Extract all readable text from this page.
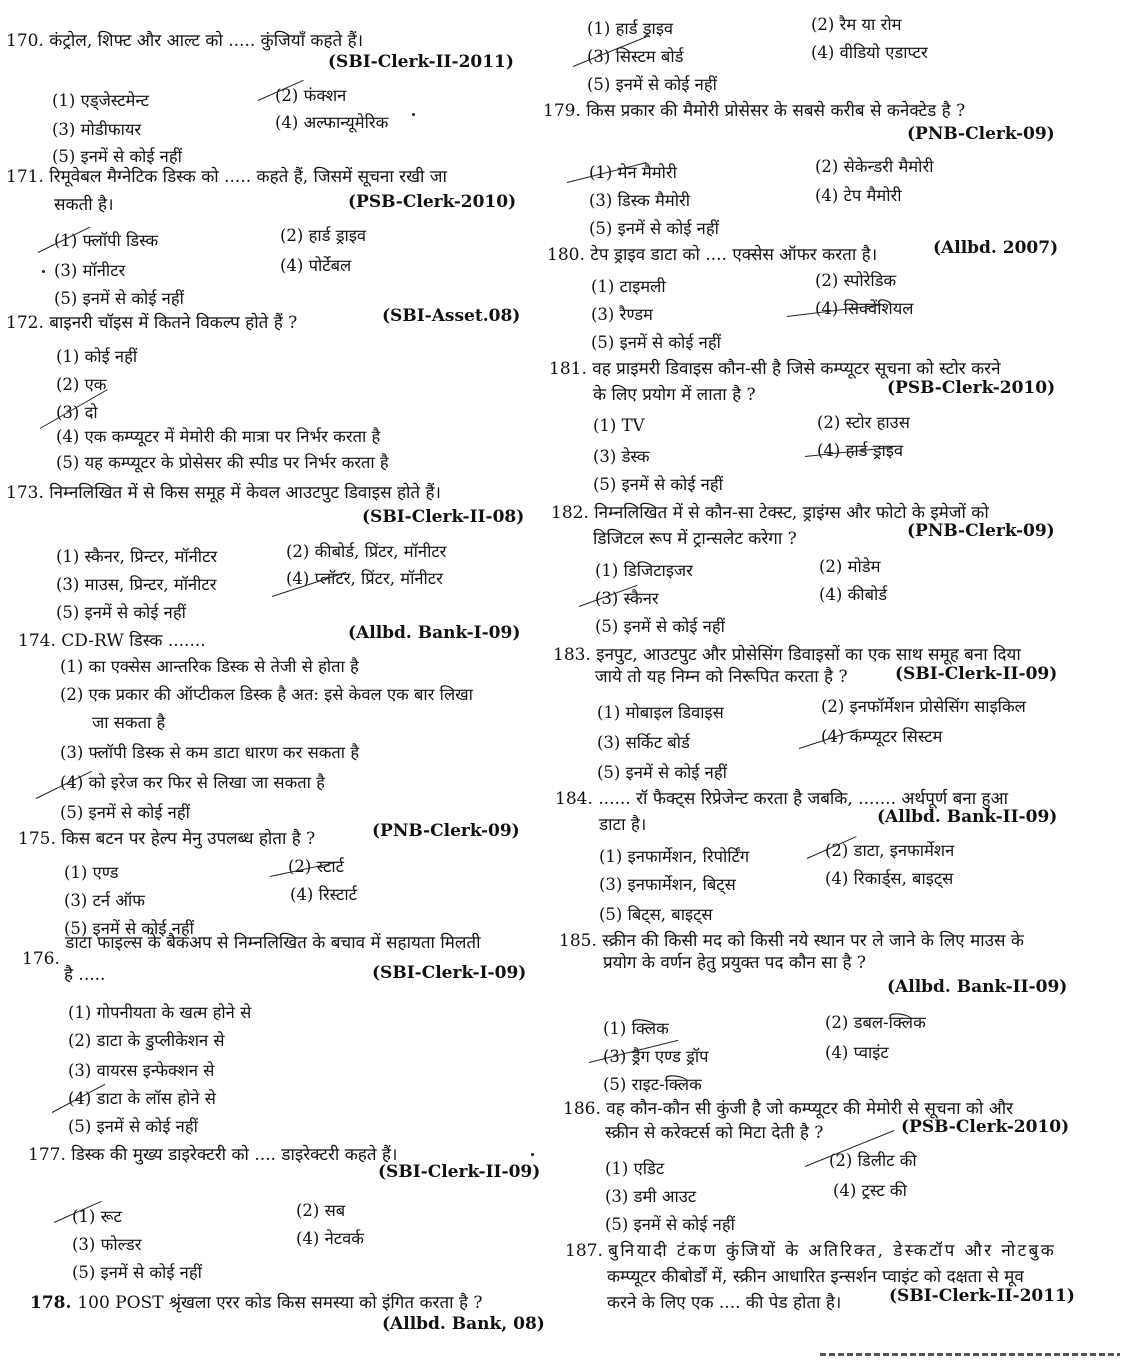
170. कंट्रोल, शिफ्ट और आल्ट को ..... कुंजियाँ कहते हैं।
(SBI-Clerk-II-2011)
(1) एड्जेस्टमेन्ट	(2) फंक्शन
(3) मोडीफायर	(4) अल्फान्यूमेरिक
(5) इनमें से कोई नहीं
171. रिमूवेबल मैग्नेटिक डिस्क को ..... कहते हैं, जिसमें सूचना रखी जा
सकती है।	(PSB-Clerk-2010)
(1) फ्लॉपी डिस्क	(2) हार्ड ड्राइव
(3) मॉनीटर	(4) पोर्टेबल
(5) इनमें से कोई नहीं
172. बाइनरी चॉइस में कितने विकल्प होते हैं ?	(SBI-Asset.08)
(1) कोई नहीं
(2) एक
(3) दो
(4) एक कम्प्यूटर में मेमोरी की मात्रा पर निर्भर करता है
(5) यह कम्प्यूटर के प्रोसेसर की स्पीड पर निर्भर करता है
173. निम्नलिखित में से किस समूह में केवल आउटपुट डिवाइस होते हैं।
(SBI-Clerk-II-08)
(1) स्कैनर, प्रिन्टर, मॉनीटर	(2) कीबोर्ड, प्रिंटर, मॉनीटर
(3) माउस, प्रिन्टर, मॉनीटर	(4) प्लॉटर, प्रिंटर, मॉनीटर
(5) इनमें से कोई नहीं
174. CD-RW डिस्क .......	(Allbd. Bank-I-09)
(1) का एक्सेस आन्तरिक डिस्क से तेजी से होता है
(2) एक प्रकार की ऑप्टीकल डिस्क है अत: इसे केवल एक बार लिखा
जा सकता है
(3) फ्लॉपी डिस्क से कम डाटा धारण कर सकता है
(4) को इरेज कर फिर से लिखा जा सकता है
(5) इनमें से कोई नहीं
175. किस बटन पर हेल्प मेनु उपलब्ध होता है ?	(PNB-Clerk-09)
(1) एण्ड	(2) स्टार्ट
(3) टर्न ऑफ	(4) रिस्टार्ट
(5) इनमें से कोई नहीं
डाटा फाइल्स के बैकअप से निम्नलिखित के बचाव में सहायता मिलती
176.
है .....	(SBI-Clerk-I-09)
(1) गोपनीयता के खत्म होने से
(2) डाटा के डुप्लीकेशन से
(3) वायरस इन्फेक्शन से
(4) डाटा के लॉस होने से
(5) इनमें से कोई नहीं
177. डिस्क की मुख्य डाइरेक्टरी को .... डाइरेक्टरी कहते हैं।
(SBI-Clerk-II-09)
(1) रूट	(2) सब
(3) फोल्डर	(4) नेटवर्क
(5) इनमें से कोई नहीं
178. 100 POST श्रृंखला एरर कोड किस समस्या को इंगित करता है ?
(Allbd. Bank, 08)
(1) हार्ड ड्राइव	(2) रैम या रोम
(3) सिस्टम बोर्ड	(4) वीडियो एडाप्टर
(5) इनमें से कोई नहीं
179. किस प्रकार की मैमोरी प्रोसेसर के सबसे करीब से कनेक्टेड है ?
(PNB-Clerk-09)
(1) मेन मैमोरी	(2) सेकेन्डरी मैमोरी
(3) डिस्क मैमोरी	(4) टेप मैमोरी
(5) इनमें से कोई नहीं
180. टेप ड्राइव डाटा को .... एक्सेस ऑफर करता है।	(Allbd. 2007)
(1) टाइमली	(2) स्पोरेडिक
(3) रैण्डम	(4) सिक्वेंशियल
(5) इनमें से कोई नहीं
181. वह प्राइमरी डिवाइस कौन-सी है जिसे कम्प्यूटर सूचना को स्टोर करने
के लिए प्रयोग में लाता है ?	(PSB-Clerk-2010)
(1) TV	(2) स्टोर हाउस
(3) डेस्क	(4) हार्ड ड्राइव
(5) इनमें से कोई नहीं
182. निम्नलिखित में से कौन-सा टेक्स्ट, ड्राइंग्स और फोटो के इमेजों को
डिजिटल रूप में ट्रान्सलेट करेगा ?	(PNB-Clerk-09)
(1) डिजिटाइजर	(2) मोडेम
(3) स्कैनर	(4) कीबोर्ड
(5) इनमें से कोई नहीं
183. इनपुट, आउटपुट और प्रोसेसिंग डिवाइसों का एक साथ समूह बना दिया
जाये तो यह निम्न को निरूपित करता है ?	(SBI-Clerk-II-09)
(1) मोबाइल डिवाइस	(2) इनफॉर्मेशन प्रोसेसिंग साइकिल
(3) सर्किट बोर्ड	(4) कम्प्यूटर सिस्टम
(5) इनमें से कोई नहीं
184. ...... रॉ फैक्ट्स रिप्रेजेन्ट करता है जबकि, ....... अर्थपूर्ण बना हुआ
डाटा है।	(Allbd. Bank-II-09)
(1) इनफार्मेशन, रिपोर्टिंग	(2) डाटा, इनफार्मेशन
(3) इनफार्मेशन, बिट्स	(4) रिकार्ड्स, बाइट्स
(5) बिट्स, बाइट्स
185. स्क्रीन की किसी मद को किसी नये स्थान पर ले जाने के लिए माउस के
प्रयोग के वर्णन हेतु प्रयुक्त पद कौन सा है ?
(Allbd. Bank-II-09)
(1) क्लिक	(2) डबल-क्लिक
(3) ड्रैग एण्ड ड्रॉप	(4) प्वाइंट
(5) राइट-क्लिक
186. वह कौन-कौन सी कुंजी है जो कम्प्यूटर की मेमोरी से सूचना को और
स्क्रीन से करेक्टर्स को मिटा देती है ?	(PSB-Clerk-2010)
(1) एडिट	(2) डिलीट की
(3) डमी आउट	(4) ट्रस्ट की
(5) इनमें से कोई नहीं
187. बुनियादी टंकण कुंजियों के अतिरिक्त, डेस्कटॉप और नोटबुक
कम्प्यूटर कीबोर्डों में, स्क्रीन आधारित इन्सर्शन प्वाइंट को दक्षता से मूव
करने के लिए एक .... की पेड होता है।	(SBI-Clerk-II-2011)
